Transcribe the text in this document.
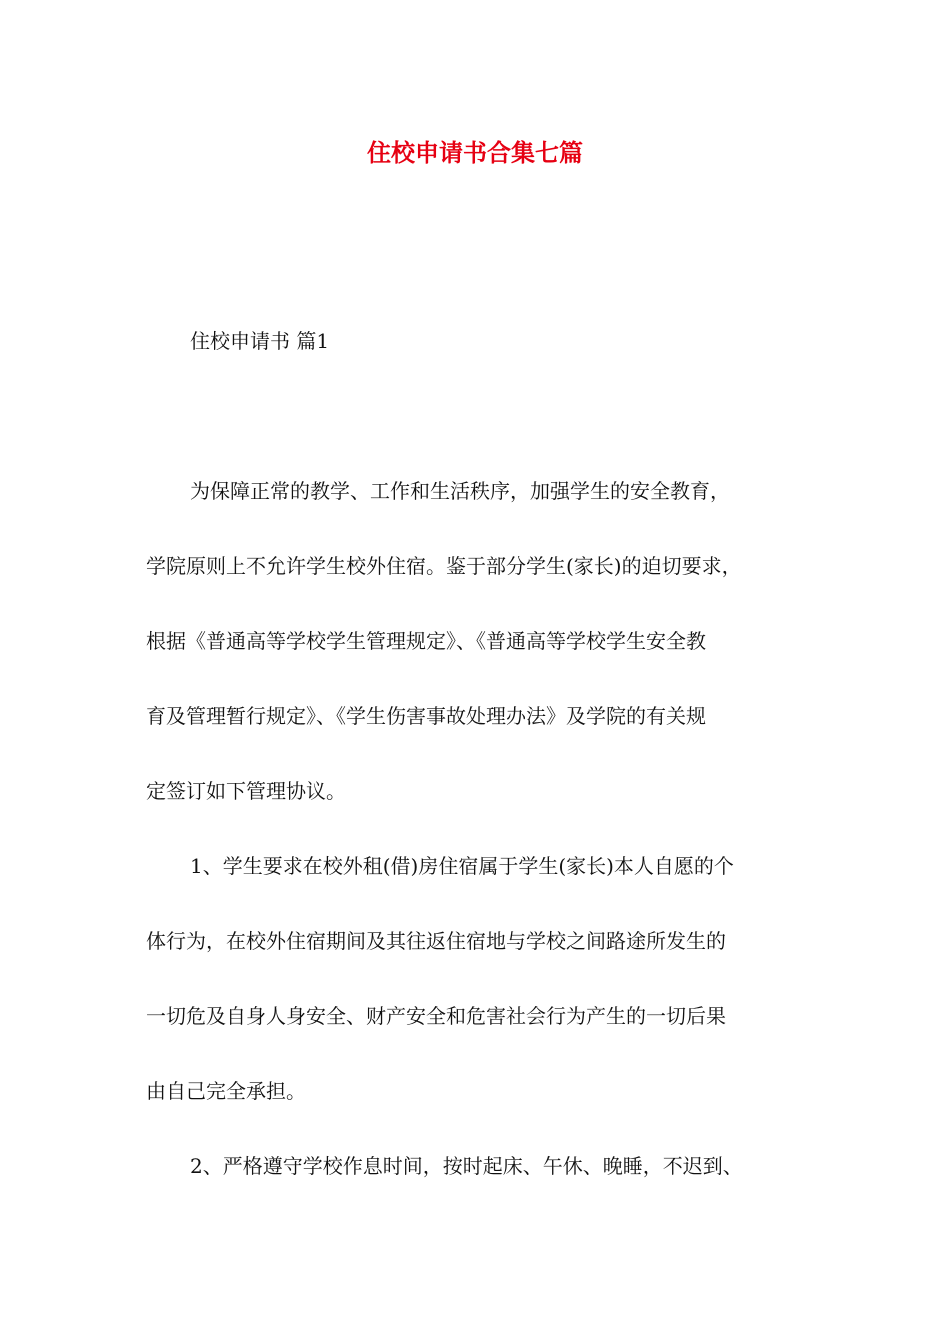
住校申请书合集七篇

住校申请书 篇1

为保障正常的教学、工作和生活秩序，加强学生的安全教育，

学院原则上不允许学生校外住宿。鉴于部分学生(家长)的迫切要求，

根据《普通高等学校学生管理规定》、《普通高等学校学生安全教

育及管理暂行规定》、《学生伤害事故处理办法》及学院的有关规

定签订如下管理协议。

1、学生要求在校外租(借)房住宿属于学生(家长)本人自愿的个

体行为，在校外住宿期间及其往返住宿地与学校之间路途所发生的

一切危及自身人身安全、财产安全和危害社会行为产生的一切后果

由自己完全承担。

2、严格遵守学校作息时间，按时起床、午休、晚睡，不迟到、
